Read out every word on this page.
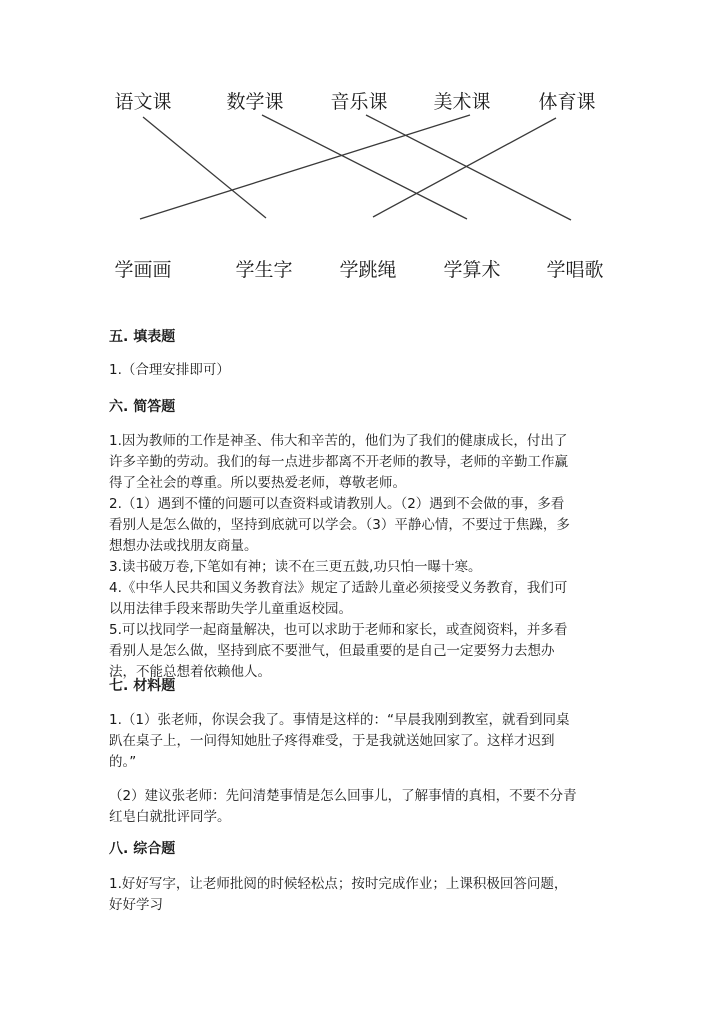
语文课	数学课 音乐课 美术课	体育课
学画画	学生字 学跳绳 学算术 学唱歌
五. 填表题
1.（合理安排即可）
六. 简答题
1.因为教师的工作是神圣、伟大和辛苦的，他们为了我们的健康成长，付出了
许多辛勤的劳动。我们的每一点进步都离不开老师的教导，老师的辛勤工作赢
得了全社会的尊重。所以要热爱老师，尊敬老师。
2.（1）遇到不懂的问题可以查资料或请教别人。（2）遇到不会做的事，多看
看别人是怎么做的，坚持到底就可以学会。（3）平静心情，不要过于焦躁，多
想想办法或找朋友商量。
3.读书破万卷,下笔如有神；读不在三更五鼓,功只怕一曝十寒。
4.《中华人民共和国义务教育法》规定了适龄儿童必须接受义务教育，我们可
以用法律手段来帮助失学儿童重返校园。
5.可以找同学一起商量解决，也可以求助于老师和家长，或查阅资料，并多看
看别人是怎么做，坚持到底不要泄气，但最重要的是自己一定要努力去想办
法，不能总想着依赖他人。
七. 材料题
1.（1）张老师，你误会我了。事情是这样的：“早晨我刚到教室，就看到同桌
趴在桌子上，一问得知她肚子疼得难受，于是我就送她回家了。这样才迟到
的。”
（2）建议张老师：先问清楚事情是怎么回事儿，了解事情的真相，不要不分青
红皂白就批评同学。
八. 综合题
1.好好写字，让老师批阅的时候轻松点；按时完成作业；上课积极回答问题，
好好学习
